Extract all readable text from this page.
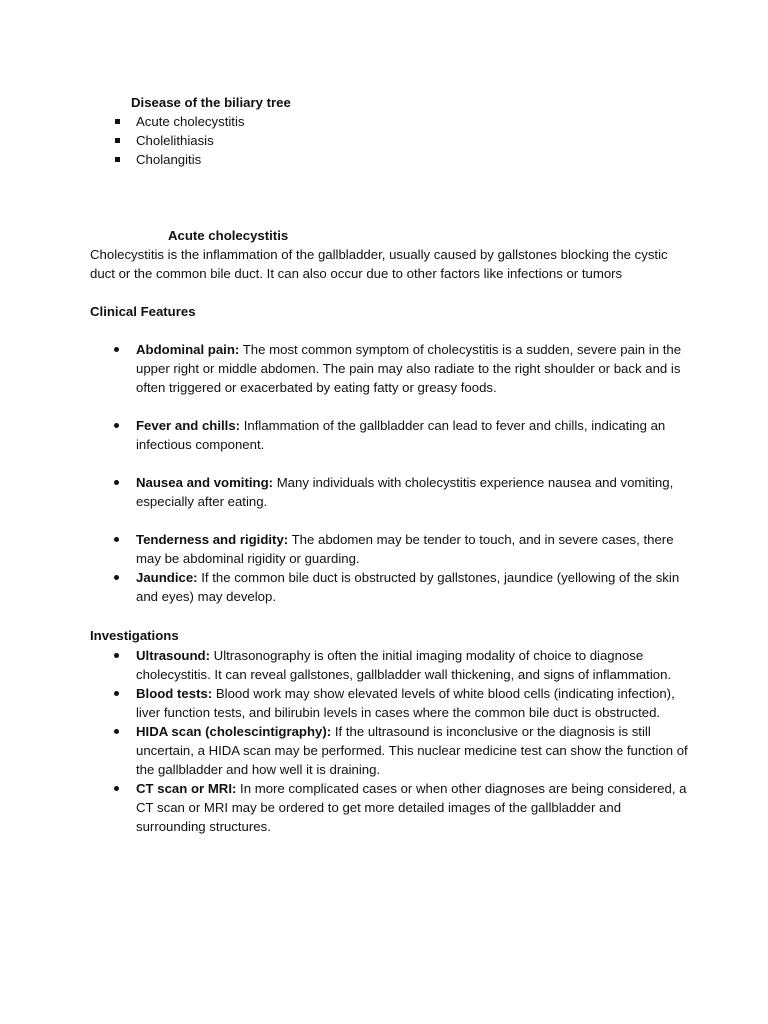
Disease of the biliary tree
Acute cholecystitis
Cholelithiasis
Cholangitis
Acute cholecystitis
Cholecystitis is the inflammation of the gallbladder, usually caused by gallstones blocking the cystic duct or the common bile duct. It can also occur due to other factors like infections or tumors
Clinical Features
Abdominal pain: The most common symptom of cholecystitis is a sudden, severe pain in the upper right or middle abdomen. The pain may also radiate to the right shoulder or back and is often triggered or exacerbated by eating fatty or greasy foods.
Fever and chills: Inflammation of the gallbladder can lead to fever and chills, indicating an infectious component.
Nausea and vomiting: Many individuals with cholecystitis experience nausea and vomiting, especially after eating.
Tenderness and rigidity: The abdomen may be tender to touch, and in severe cases, there may be abdominal rigidity or guarding.
Jaundice: If the common bile duct is obstructed by gallstones, jaundice (yellowing of the skin and eyes) may develop.
Investigations
Ultrasound: Ultrasonography is often the initial imaging modality of choice to diagnose cholecystitis. It can reveal gallstones, gallbladder wall thickening, and signs of inflammation.
Blood tests: Blood work may show elevated levels of white blood cells (indicating infection), liver function tests, and bilirubin levels in cases where the common bile duct is obstructed.
HIDA scan (cholescintigraphy): If the ultrasound is inconclusive or the diagnosis is still uncertain, a HIDA scan may be performed. This nuclear medicine test can show the function of the gallbladder and how well it is draining.
CT scan or MRI: In more complicated cases or when other diagnoses are being considered, a CT scan or MRI may be ordered to get more detailed images of the gallbladder and surrounding structures.
